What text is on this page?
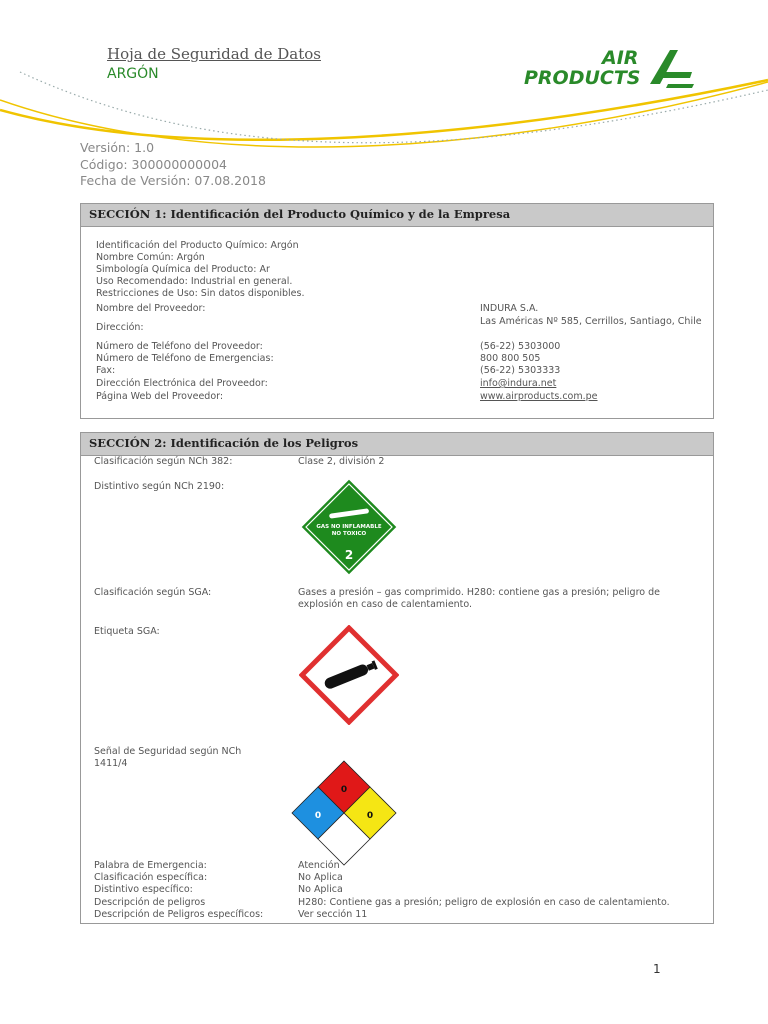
Hoja de Seguridad de Datos
ARGÓN
AIR
PRODUCTS
Versión: 1.0
Código: 300000000004
Fecha de Versión: 07.08.2018
SECCIÓN 1: Identificación del Producto Químico y de la Empresa
Identificación del Producto Químico: Argón
Nombre Común: Argón
Simbología Química del Producto: Ar
Uso Recomendado: Industrial en general.
Restricciones de Uso: Sin datos disponibles.
Nombre del Proveedor:	INDURA S.A.
Dirección:
Las Américas Nº 585, Cerrillos, Santiago, Chile
Número de Teléfono del Proveedor:	(56-22) 5303000
Número de Teléfono de Emergencias:	800 800 505
Fax:	(56-22) 5303333
Dirección Electrónica del Proveedor:	info@indura.net
Página Web del Proveedor:	www.airproducts.com.pe
SECCIÓN 2: Identificación de los Peligros
Clasificación según NCh 382:	Clase 2, división 2
Distintivo según NCh 2190:
GAS NO INFLAMABLE
NO TOXICO
2
Clasificación según SGA:	Gases a presión – gas comprimido. H280: contiene gas a presión; peligro de explosión en caso de calentamiento.
Etiqueta SGA:
Señal de Seguridad según NCh 1411/4
0
0	0
Palabra de Emergencia:	Atención
Clasificación específica:	No Aplica
Distintivo específico:	No Aplica
Descripción de peligros	H280: Contiene gas a presión; peligro de explosión en caso de calentamiento.
Descripción de Peligros específicos:	Ver sección 11
1
